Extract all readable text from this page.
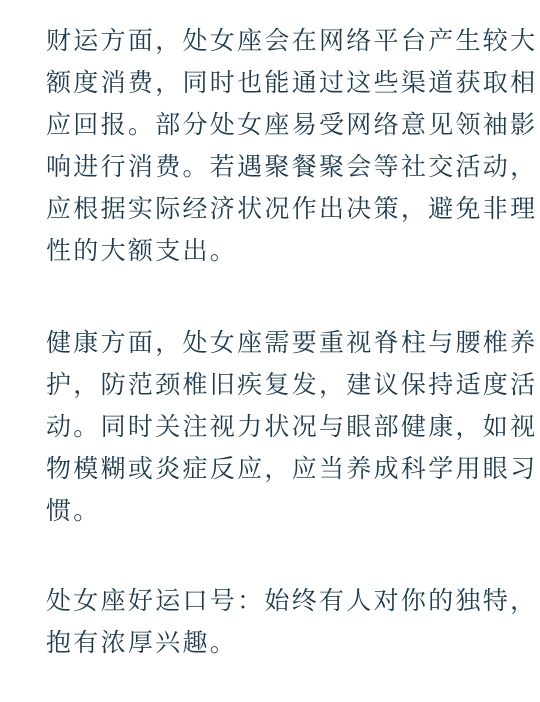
财运方面，处女座会在网络平台产生较大
额度消费，同时也能通过这些渠道获取相
应回报。部分处女座易受网络意见领袖影
响进行消费。若遇聚餐聚会等社交活动，
应根据实际经济状况作出决策，避免非理
性的大额支出。
健康方面，处女座需要重视脊柱与腰椎养
护，防范颈椎旧疾复发，建议保持适度活
动。同时关注视力状况与眼部健康，如视
物模糊或炎症反应，应当养成科学用眼习
惯。
处女座好运口号：始终有人对你的独特，
抱有浓厚兴趣。
